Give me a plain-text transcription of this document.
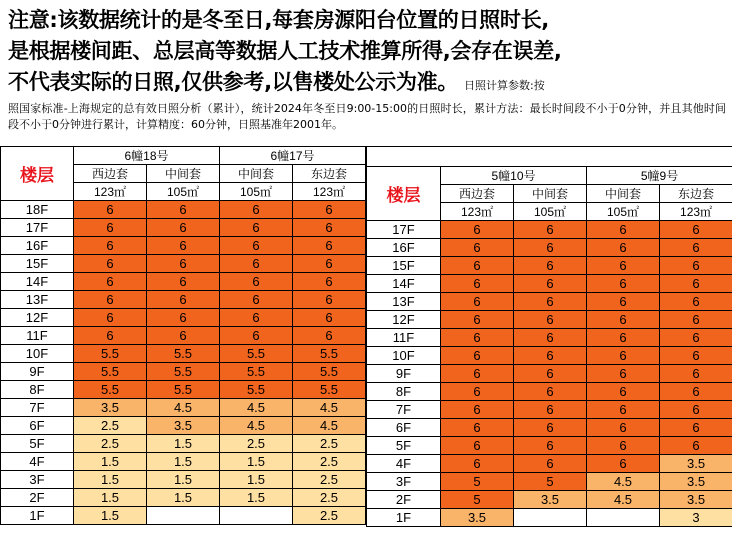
注意:该数据统计的是冬至日,每套房源阳台位置的日照时长,
是根据楼间距、总层高等数据人工技术推算所得,会存在误差,
不代表实际的日照,仅供参考,以售楼处公示为准。 日照计算参数:按
照国家标准-上海规定的总有效日照分析（累计），统计2024年冬至日9:00-15:00的日照时长，累计方法：最长时间段不小于0分钟，并且其他时间段不小于0分钟进行累计，计算精度：60分钟，日照基准年2001年。
楼层	6幢18号		6幢17号	
	西边套	中间套	中间套	东边套
	123㎡	105㎡	105㎡	123㎡
18F	6	6	6	6
17F	6	6	6	6
16F	6	6	6	6
15F	6	6	6	6
14F	6	6	6	6
13F	6	6	6	6
12F	6	6	6	6
11F	6	6	6	6
10F	5.5	5.5	5.5	5.5
9F	5.5	5.5	5.5	5.5
8F	5.5	5.5	5.5	5.5
7F	3.5	4.5	4.5	4.5
6F	2.5	3.5	4.5	4.5
5F	2.5	1.5	2.5	2.5
4F	1.5	1.5	1.5	2.5
3F	1.5	1.5	1.5	2.5
2F	1.5	1.5	1.5	2.5
1F	1.5			2.5

楼层	5幢10号		5幢9号	
	西边套	中间套	中间套	东边套
	123㎡	105㎡	105㎡	123㎡
17F	6	6	6	6
16F	6	6	6	6
15F	6	6	6	6
14F	6	6	6	6
13F	6	6	6	6
12F	6	6	6	6
11F	6	6	6	6
10F	6	6	6	6
9F	6	6	6	6
8F	6	6	6	6
7F	6	6	6	6
6F	6	6	6	6
5F	6	6	6	6
4F	6	6	6	3.5
3F	5	5	4.5	3.5
2F	5	3.5	4.5	3.5
1F	3.5			3
